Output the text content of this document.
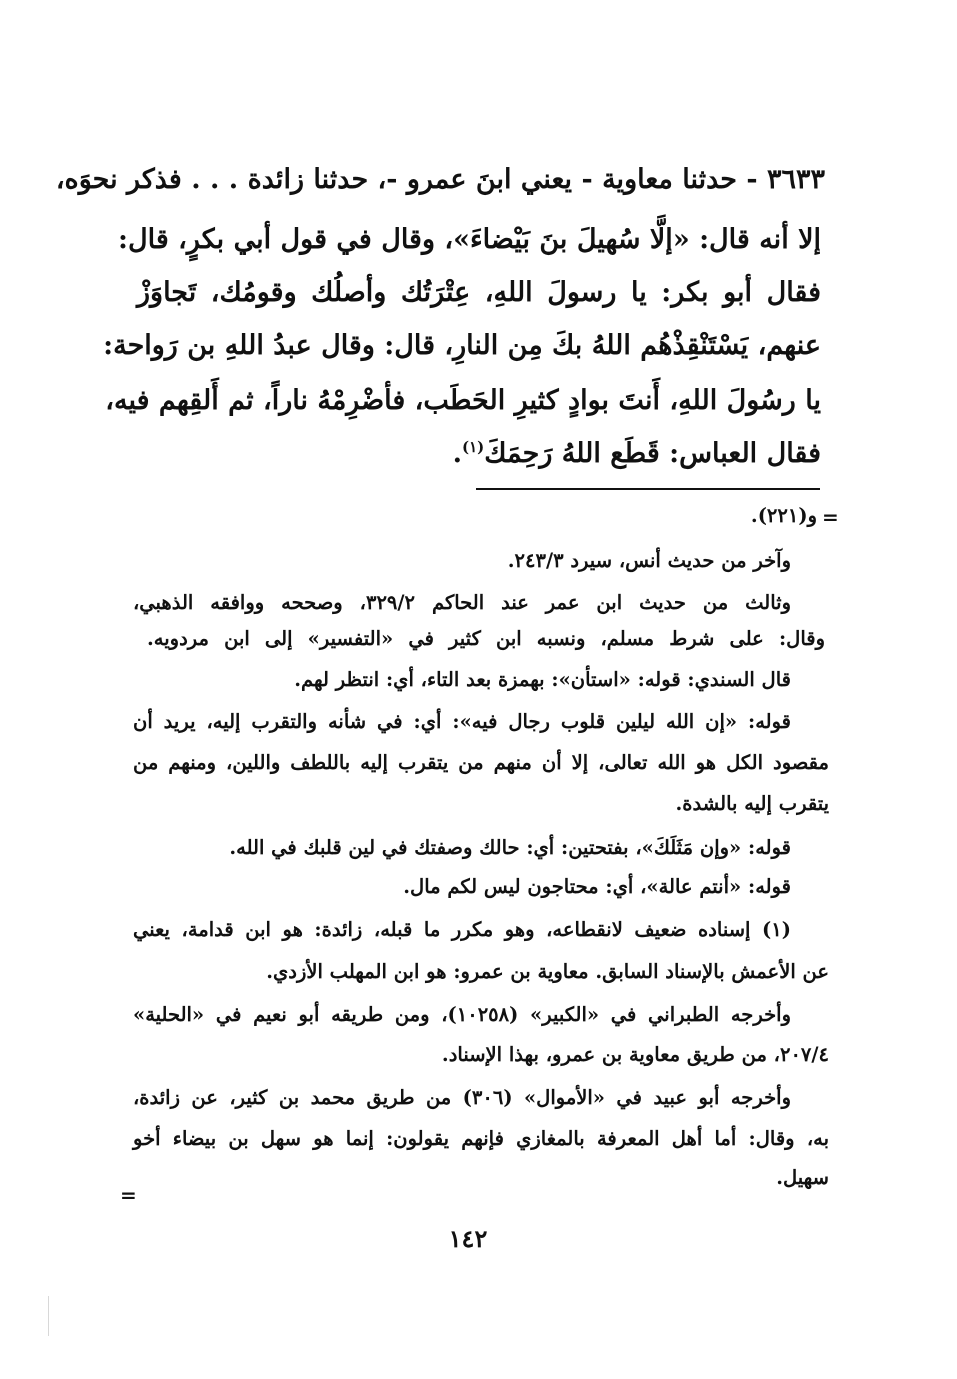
٣٦٣٣ - حدثنا معاوية - يعني ابنَ عمرو -، حدثنا زائدة . . . فذكر نحوَه،
إلا أنه قال: «إلَّا سُهيلَ بنَ بَيْضاءَ»، وقال في قول أبي بكرٍ، قال:
فقال أبو بكر: يا رسولَ اللهِ، عِتْرَتُك وأصلُك وقومُك، تَجاوَزْ
عنهم، يَسْتَنْقِذْهُم اللهُ بكَ مِن النارِ، قال: وقال عبدُ اللهِ بن رَواحة:
يا رسُولَ اللهِ، أَنتَ بوادٍ كثيرِ الحَطَب، فأضْرِمْهُ ناراً، ثم أَلقِهم فيه،
فقال العباس: قَطَع اللهُ رَحِمَكَ$^{(١)}$.
=
و(٢٢١).
وآخر من حديث أنس، سيرد ٢٤٣/٣.
وثالث من حديث ابن عمر عند الحاكم ٣٢٩/٢، وصححه ووافقه الذهبي،
وقال: على شرط مسلم، ونسبه ابن كثير في «التفسير» إلى ابن مردويه.
قال السندي: قوله: «استأن»: بهمزة بعد التاء، أي: انتظر لهم.
قوله: «إن الله ليلين قلوب رجال فيه»: أي: في شأنه والتقرب إليه، يريد أن
مقصود الكل هو الله تعالى، إلا أن منهم من يتقرب إليه باللطف واللين، ومنهم من
يتقرب إليه بالشدة.
قوله: «وإن مَثَلَكَ»، بفتحتين: أي: حالك وصفتك في لين قلبك في الله.
قوله: «أنتم عالة»، أي: محتاجون ليس لكم مال.
(١) إسناده ضعيف لانقطاعه، وهو مكرر ما قبله، زائدة: هو ابن قدامة، يعني
عن الأعمش بالإسناد السابق. معاوية بن عمرو: هو ابن المهلب الأزدي.
وأخرجه الطبراني في «الكبير» (١٠٢٥٨)، ومن طريقه أبو نعيم في «الحلية»
٢٠٧/٤، من طريق معاوية بن عمرو، بهذا الإسناد.
وأخرجه أبو عبيد في «الأموال» (٣٠٦) من طريق محمد بن كثير، عن زائدة،
به، وقال: أما أهل المعرفة بالمغازي فإنهم يقولون: إنما هو سهل بن بيضاء أخو
سهيل.
=
١٤٢
